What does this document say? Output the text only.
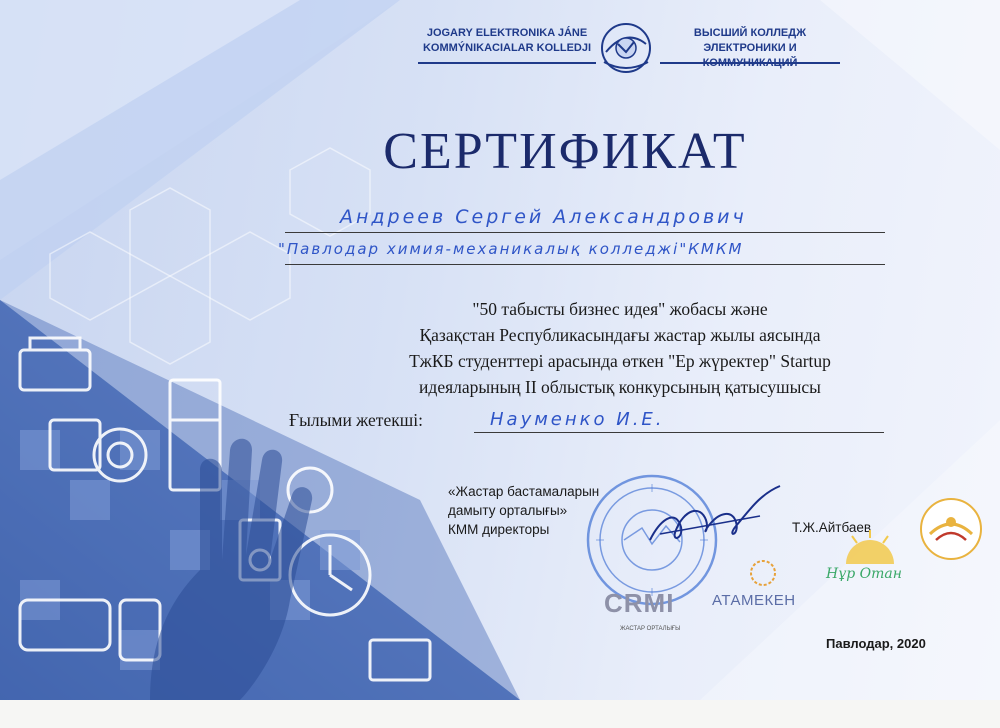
JOGARY ELEKTRONIKA JÁNE
KOMMÝNIKACIALAR KOLLEDJI
ВЫСШИЙ КОЛЛЕДЖ
ЭЛЕКТРОНИКИ И
СЕРТИФИКАТ
Андреев Сергей Александрович
"Павлодар химия-механикалық колледжі"КМКМ
"50 табысты бизнес идея" жобасы және
Қазақстан Республикасындағы жастар жылы аясында
ТжКБ студенттері арасында өткен "Ер жүректер" Startup
идеяларының II облыстық конкурсының қатысушысы
Ғылыми жетекші:	Науменко И.Е.
«Жастар бастамаларын
дамыту орталығы»
КММ директоры	Т.Ж.Айтбаев
CRMI
ЖАСТАР ОРТАЛЫҒЫ
АТАМЕКЕН
Нұр Отан
Павлодар, 2020
